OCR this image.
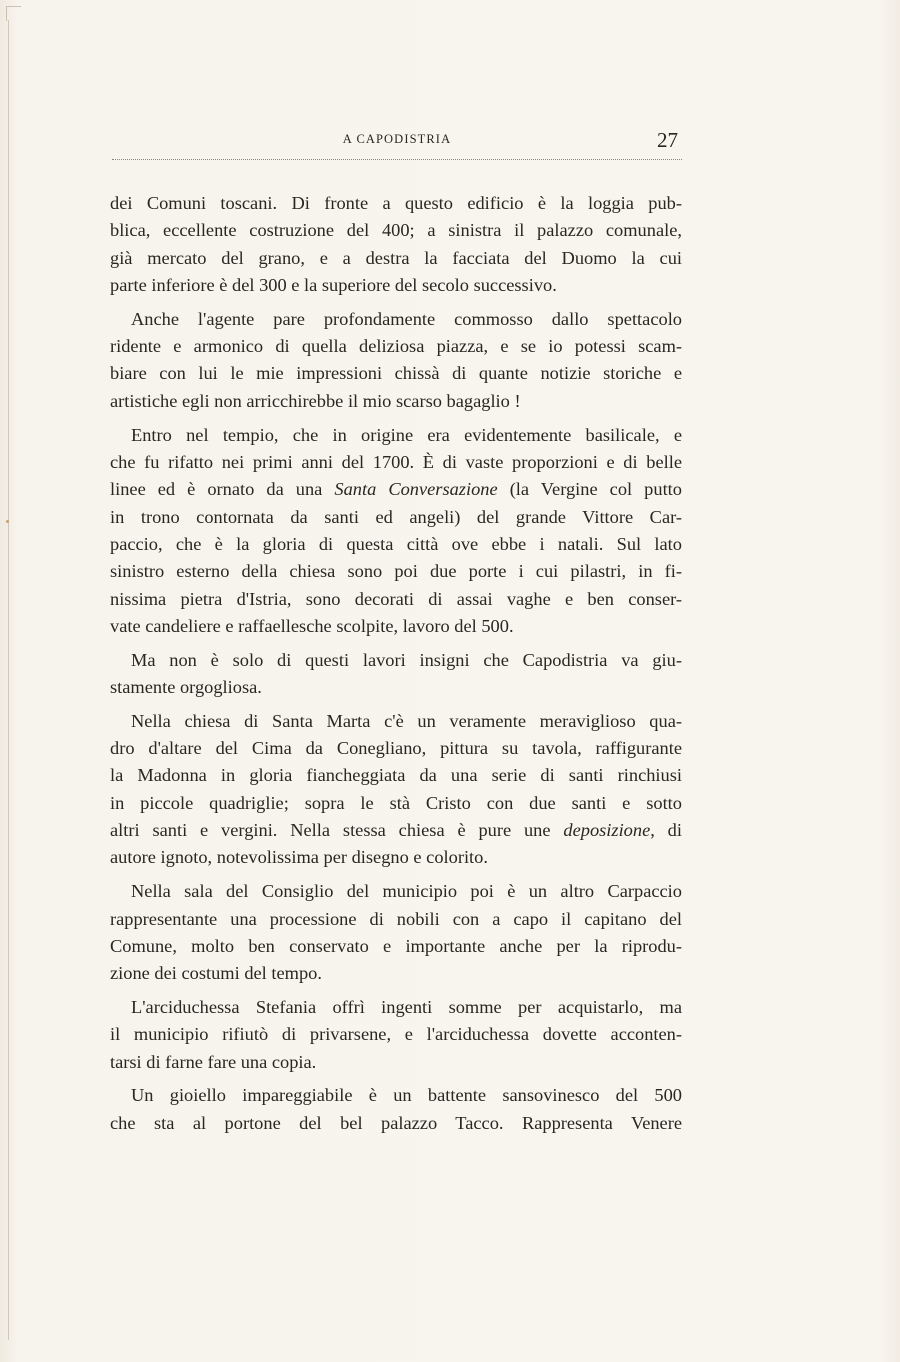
A CAPODISTRIA	27

dei Comuni toscani. Di fronte a questo edificio è la loggia pub-
blica, eccellente costruzione del 400; a sinistra il palazzo comunale,
già mercato del grano, e a destra la facciata del Duomo la cui
parte inferiore è del 300 e la superiore del secolo successivo.

Anche l'agente pare profondamente commosso dallo spettacolo
ridente e armonico di quella deliziosa piazza, e se io potessi scam-
biare con lui le mie impressioni chissà di quante notizie storiche e
artistiche egli non arricchirebbe il mio scarso bagaglio !

Entro nel tempio, che in origine era evidentemente basilicale, e
che fu rifatto nei primi anni del 1700. È di vaste proporzioni e di belle
linee ed è ornato da una Santa Conversazione (la Vergine col putto
in trono contornata da santi ed angeli) del grande Vittore Car-
paccio, che è la gloria di questa città ove ebbe i natali. Sul lato
sinistro esterno della chiesa sono poi due porte i cui pilastri, in fi-
nissima pietra d'Istria, sono decorati di assai vaghe e ben conser-
vate candeliere e raffaellesche scolpite, lavoro del 500.

Ma non è solo di questi lavori insigni che Capodistria va giu-
stamente orgogliosa.

Nella chiesa di Santa Marta c'è un veramente meraviglioso qua-
dro d'altare del Cima da Conegliano, pittura su tavola, raffigurante
la Madonna in gloria fiancheggiata da una serie di santi rinchiusi
in piccole quadriglie; sopra le stà Cristo con due santi e sotto
altri santi e vergini. Nella stessa chiesa è pure une deposizione, di
autore ignoto, notevolissima per disegno e colorito.

Nella sala del Consiglio del municipio poi è un altro Carpaccio
rappresentante una processione di nobili con a capo il capitano del
Comune, molto ben conservato e importante anche per la riprodu-
zione dei costumi del tempo.

L'arciduchessa Stefania offrì ingenti somme per acquistarlo, ma
il municipio rifiutò di privarsene, e l'arciduchessa dovette acconten-
tarsi di farne fare una copia.

Un gioiello impareggiabile è un battente sansovinesco del 500
che sta al portone del bel palazzo Tacco. Rappresenta Venere
